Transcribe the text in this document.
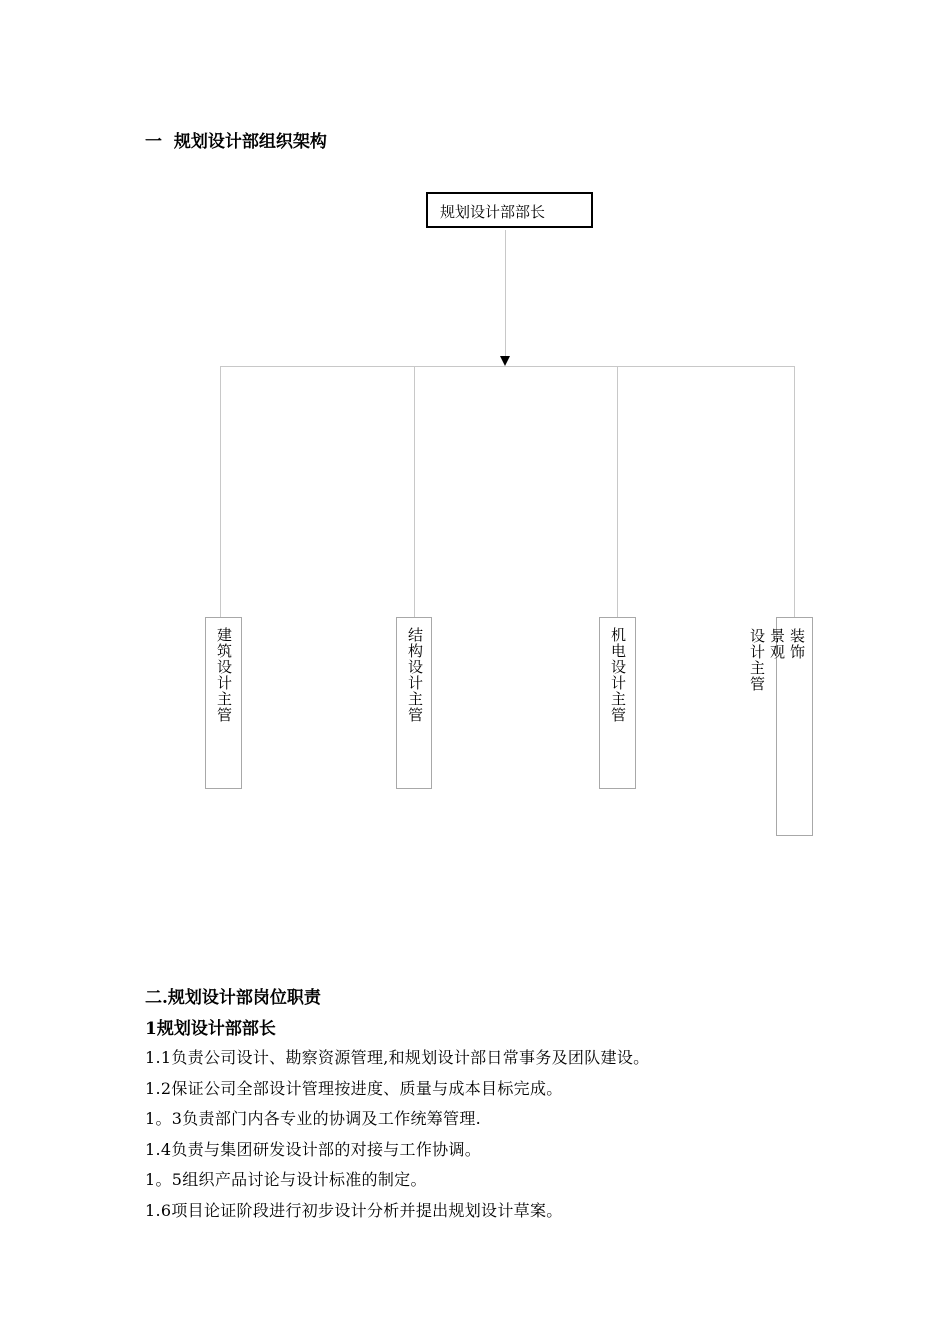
一  规划设计部组织架构
规划设计部部长
建筑设计主管	结构设计主管	机电设计主管	装饰
景观
设计主管
二.规划设计部岗位职责
1规划设计部部长
1.1负责公司设计、勘察资源管理,和规划设计部日常事务及团队建设。
1.2保证公司全部设计管理按进度、质量与成本目标完成。
1。3负责部门内各专业的协调及工作统筹管理.
1.4负责与集团研发设计部的对接与工作协调。
1。5组织产品讨论与设计标准的制定。
1.6项目论证阶段进行初步设计分析并提出规划设计草案。
